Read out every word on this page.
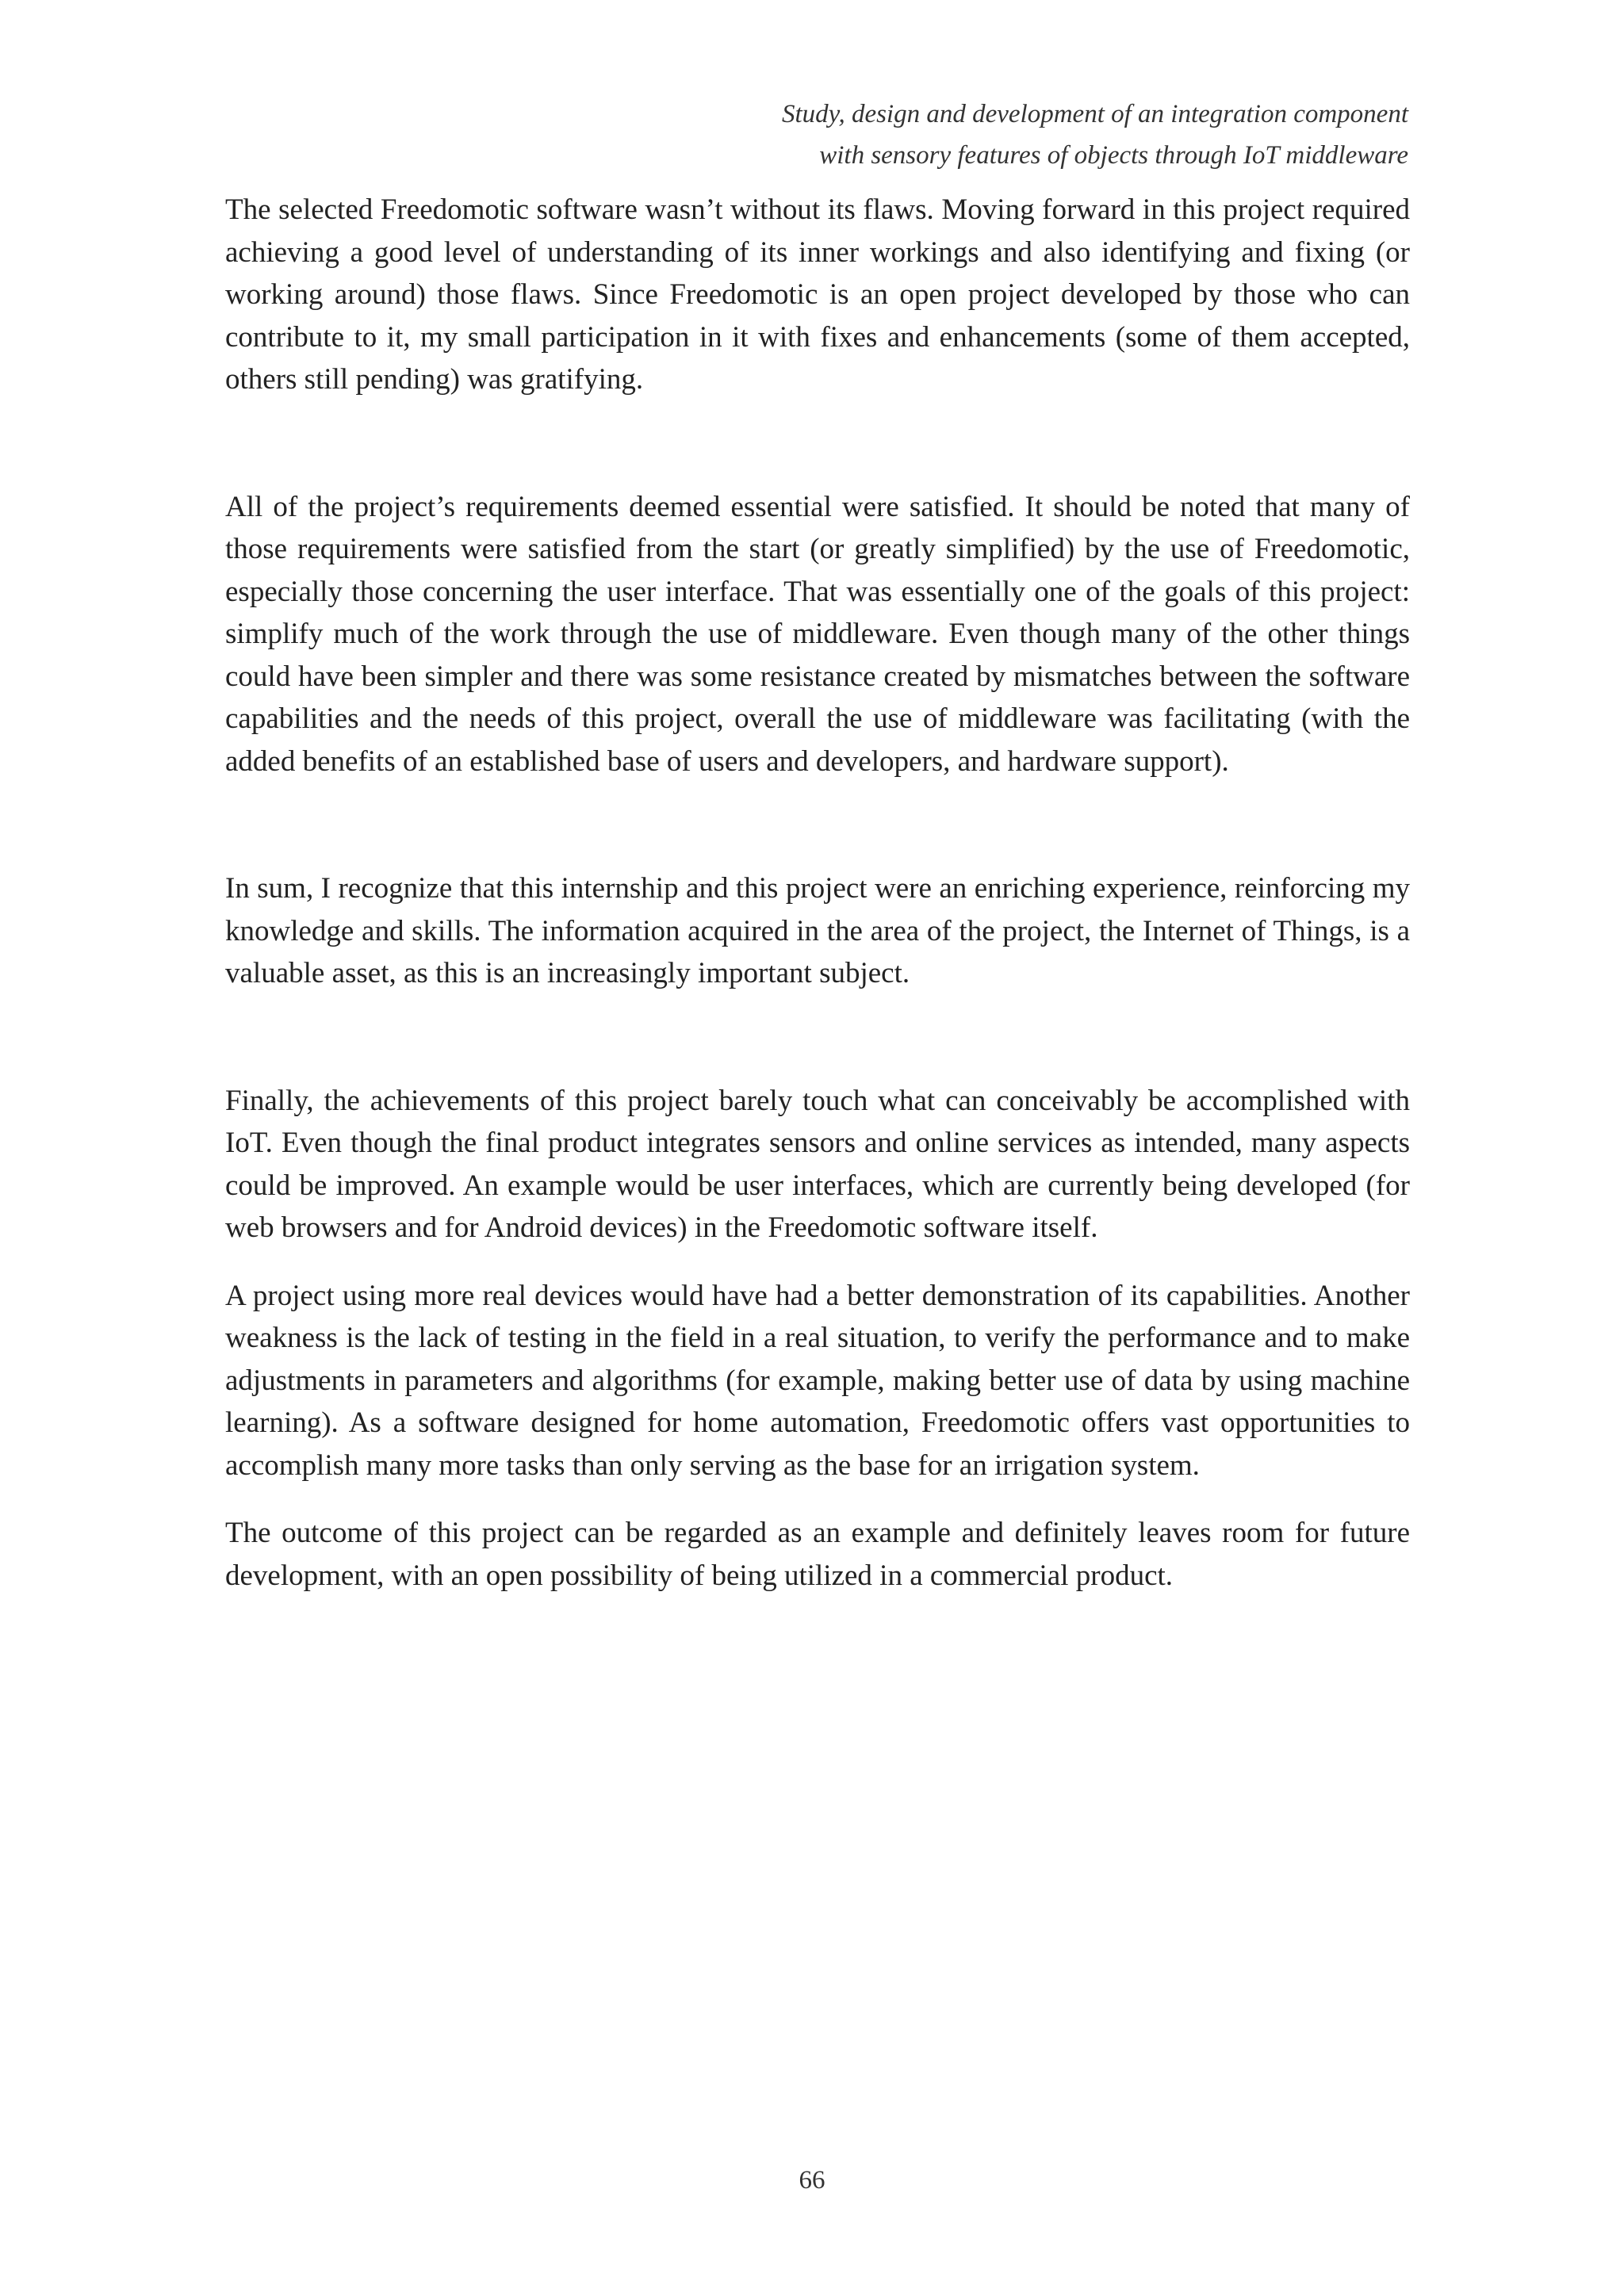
Study, design and development of an integration component
with sensory features of objects through IoT middleware

The selected Freedomotic software wasn’t without its flaws. Moving forward in this project required achieving a good level of understanding of its inner workings and also identifying and fixing (or working around) those flaws. Since Freedomotic is an open project developed by those who can contribute to it, my small participation in it with fixes and enhancements (some of them accepted, others still pending) was gratifying.

All of the project’s requirements deemed essential were satisfied. It should be noted that many of those requirements were satisfied from the start (or greatly simplified) by the use of Freedomotic, especially those concerning the user interface. That was essentially one of the goals of this project: simplify much of the work through the use of middleware. Even though many of the other things could have been simpler and there was some resistance created by mismatches between the software capabilities and the needs of this project, overall the use of middleware was facilitating (with the added benefits of an established base of users and developers, and hardware support).

In sum, I recognize that this internship and this project were an enriching experience, reinforcing my knowledge and skills. The information acquired in the area of the project, the Internet of Things, is a valuable asset, as this is an increasingly important subject.

Finally, the achievements of this project barely touch what can conceivably be accomplished with IoT. Even though the final product integrates sensors and online services as intended, many aspects could be improved. An example would be user interfaces, which are currently being developed (for web browsers and for Android devices) in the Freedomotic software itself.

A project using more real devices would have had a better demonstration of its capabilities. Another weakness is the lack of testing in the field in a real situation, to verify the performance and to make adjustments in parameters and algorithms (for example, making better use of data by using machine learning). As a software designed for home automation, Freedomotic offers vast opportunities to accomplish many more tasks than only serving as the base for an irrigation system.

The outcome of this project can be regarded as an example and definitely leaves room for future development, with an open possibility of being utilized in a commercial product.

66
